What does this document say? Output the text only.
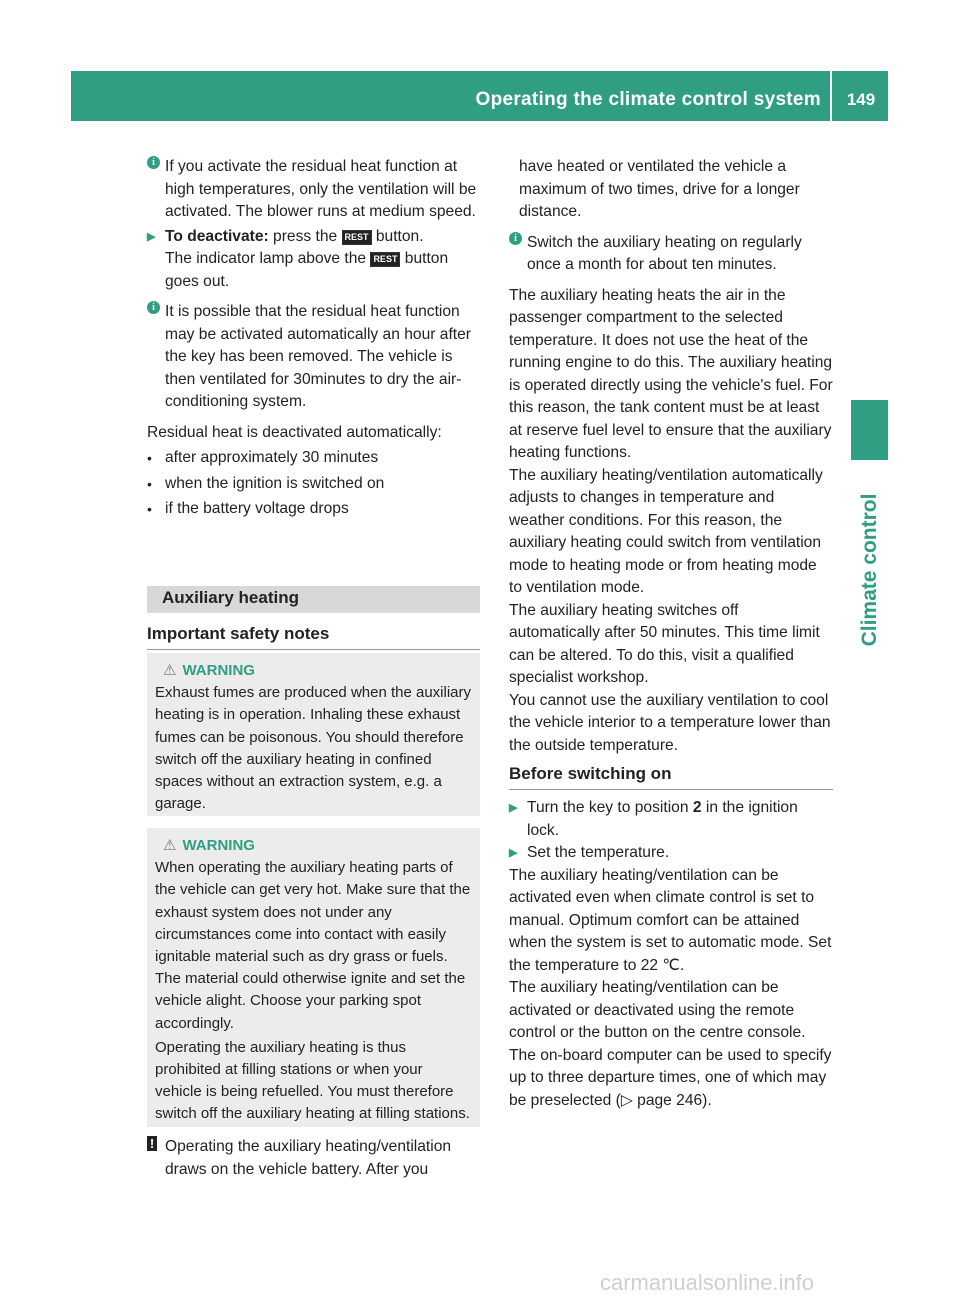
Operating the climate control system	149
Climate control

i If you activate the residual heat function at high temperatures, only the ventilation will be activated. The blower runs at medium speed.

▶ To deactivate: press the REST button.

The indicator lamp above the REST button goes out.

i It is possible that the residual heat function may be activated automatically an hour after the key has been removed. The vehicle is then ventilated for 30minutes to dry the air-conditioning system.

Residual heat is deactivated automatically:

• after approximately 30 minutes

• when the ignition is switched on

• if the battery voltage drops

Auxiliary heating
Important safety notes
⚠ WARNING

Exhaust fumes are produced when the auxiliary heating is in operation. Inhaling these exhaust fumes can be poisonous. You should therefore switch off the auxiliary heating in confined spaces without an extraction system, e.g. a garage.

⚠ WARNING

When operating the auxiliary heating parts of the vehicle can get very hot. Make sure that the exhaust system does not under any circumstances come into contact with easily ignitable material such as dry grass or fuels. The material could otherwise ignite and set the vehicle alight. Choose your parking spot accordingly.

Operating the auxiliary heating is thus prohibited at filling stations or when your vehicle is being refuelled. You must therefore switch off the auxiliary heating at filling stations.

! Operating the auxiliary heating/ventilation draws on the vehicle battery. After you

have heated or ventilated the vehicle a maximum of two times, drive for a longer distance.

i Switch the auxiliary heating on regularly once a month for about ten minutes.

The auxiliary heating heats the air in the passenger compartment to the selected temperature. It does not use the heat of the running engine to do this. The auxiliary heating is operated directly using the vehicle's fuel. For this reason, the tank content must be at least at reserve fuel level to ensure that the auxiliary heating functions.

The auxiliary heating/ventilation automatically adjusts to changes in temperature and weather conditions. For this reason, the auxiliary heating could switch from ventilation mode to heating mode or from heating mode to ventilation mode.

The auxiliary heating switches off automatically after 50 minutes. This time limit can be altered. To do this, visit a qualified specialist workshop.

You cannot use the auxiliary ventilation to cool the vehicle interior to a temperature lower than the outside temperature.

Before switching on

▶ Turn the key to position 2 in the ignition lock.

▶ Set the temperature.

The auxiliary heating/ventilation can be activated even when climate control is set to manual. Optimum comfort can be attained when the system is set to automatic mode. Set the temperature to 22 ℃.

The auxiliary heating/ventilation can be activated or deactivated using the remote control or the button on the centre console.

The on-board computer can be used to specify up to three departure times, one of which may be preselected (▷ page 246).

carmanualsonline.info
